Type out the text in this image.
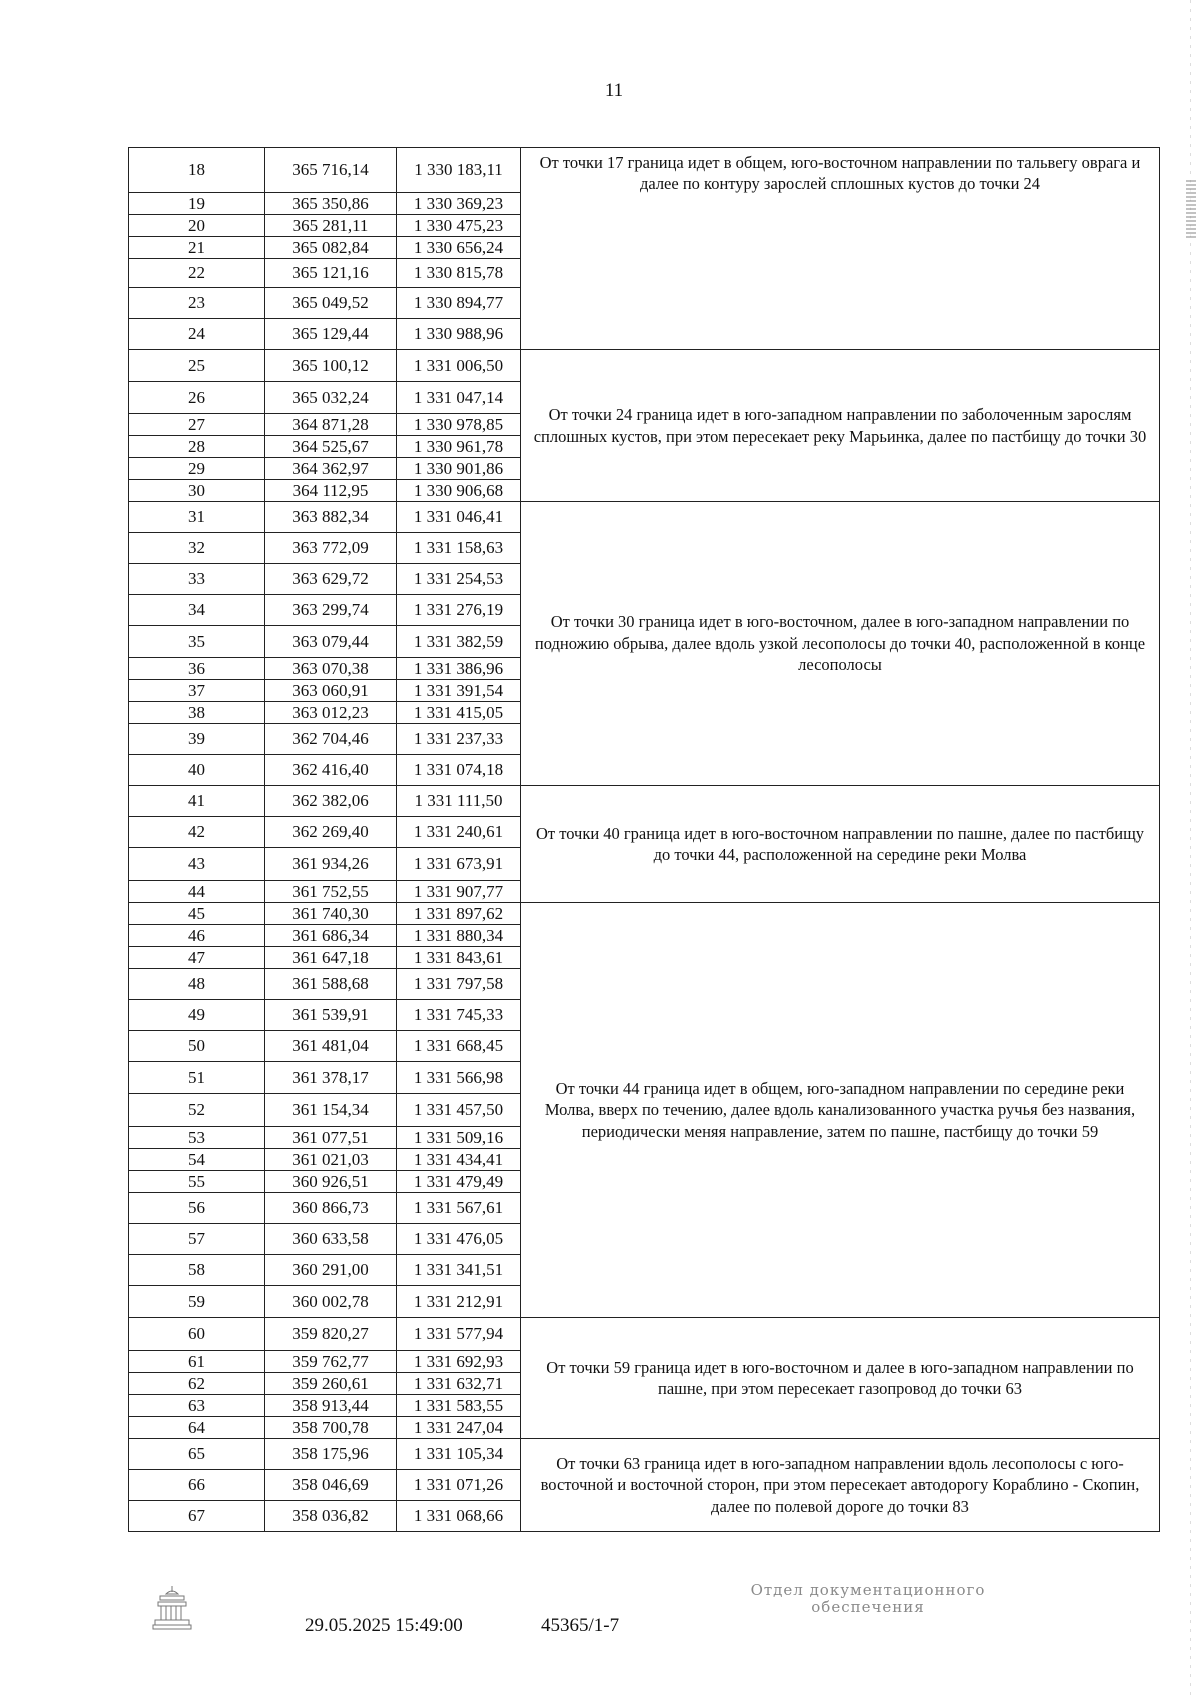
11
18	365 716,14	1 330 183,11	От точки 17 граница идет в общем, юго-восточном направлении по тальвегу оврага и далее по контуру зарослей сплошных кустов до точки 24
19	365 350,86	1 330 369,23	
20	365 281,11	1 330 475,23	
21	365 082,84	1 330 656,24	
22	365 121,16	1 330 815,78	
23	365 049,52	1 330 894,77	
24	365 129,44	1 330 988,96	
25	365 100,12	1 331 006,50	От точки 24 граница идет в юго-западном направлении по заболоченным зарослям сплошных кустов, при этом пересекает реку Марьинка, далее по пастбищу до точки 30
26	365 032,24	1 331 047,14	
27	364 871,28	1 330 978,85	
28	364 525,67	1 330 961,78	
29	364 362,97	1 330 901,86	
30	364 112,95	1 330 906,68	
31	363 882,34	1 331 046,41	От точки 30 граница идет в юго-восточном, далее в юго-западном направлении по подножию обрыва, далее вдоль узкой лесополосы до точки 40, расположенной в конце лесополосы
32	363 772,09	1 331 158,63	
33	363 629,72	1 331 254,53	
34	363 299,74	1 331 276,19	
35	363 079,44	1 331 382,59	
36	363 070,38	1 331 386,96	
37	363 060,91	1 331 391,54	
38	363 012,23	1 331 415,05	
39	362 704,46	1 331 237,33	
40	362 416,40	1 331 074,18	
41	362 382,06	1 331 111,50	От точки 40 граница идет в юго-восточном направлении по пашне, далее по пастбищу до точки 44, расположенной на середине реки Молва
42	362 269,40	1 331 240,61	
43	361 934,26	1 331 673,91	
44	361 752,55	1 331 907,77	
45	361 740,30	1 331 897,62	От точки 44 граница идет в общем, юго-западном направлении по середине реки Молва, вверх по течению, далее вдоль канализованного участка ручья без названия, периодически меняя направление, затем по пашне, пастбищу до точки 59
46	361 686,34	1 331 880,34	
47	361 647,18	1 331 843,61	
48	361 588,68	1 331 797,58	
49	361 539,91	1 331 745,33	
50	361 481,04	1 331 668,45	
51	361 378,17	1 331 566,98	
52	361 154,34	1 331 457,50	
53	361 077,51	1 331 509,16	
54	361 021,03	1 331 434,41	
55	360 926,51	1 331 479,49	
56	360 866,73	1 331 567,61	
57	360 633,58	1 331 476,05	
58	360 291,00	1 331 341,51	
59	360 002,78	1 331 212,91	
60	359 820,27	1 331 577,94	От точки 59 граница идет в юго-восточном и далее в юго-западном направлении по пашне, при этом пересекает газопровод до точки 63
61	359 762,77	1 331 692,93	
62	359 260,61	1 331 632,71	
63	358 913,44	1 331 583,55	
64	358 700,78	1 331 247,04	
65	358 175,96	1 331 105,34	От точки 63 граница идет в юго-западном направлении вдоль лесополосы с юго-восточной и восточной сторон, при этом пересекает автодорогу Кораблино - Скопин, далее по полевой дороге до точки 83
66	358 046,69	1 331 071,26	
67	358 036,82	1 331 068,66	
29.05.2025 15:49:00	45365/1-7
Отдел документационного
обеспечения
